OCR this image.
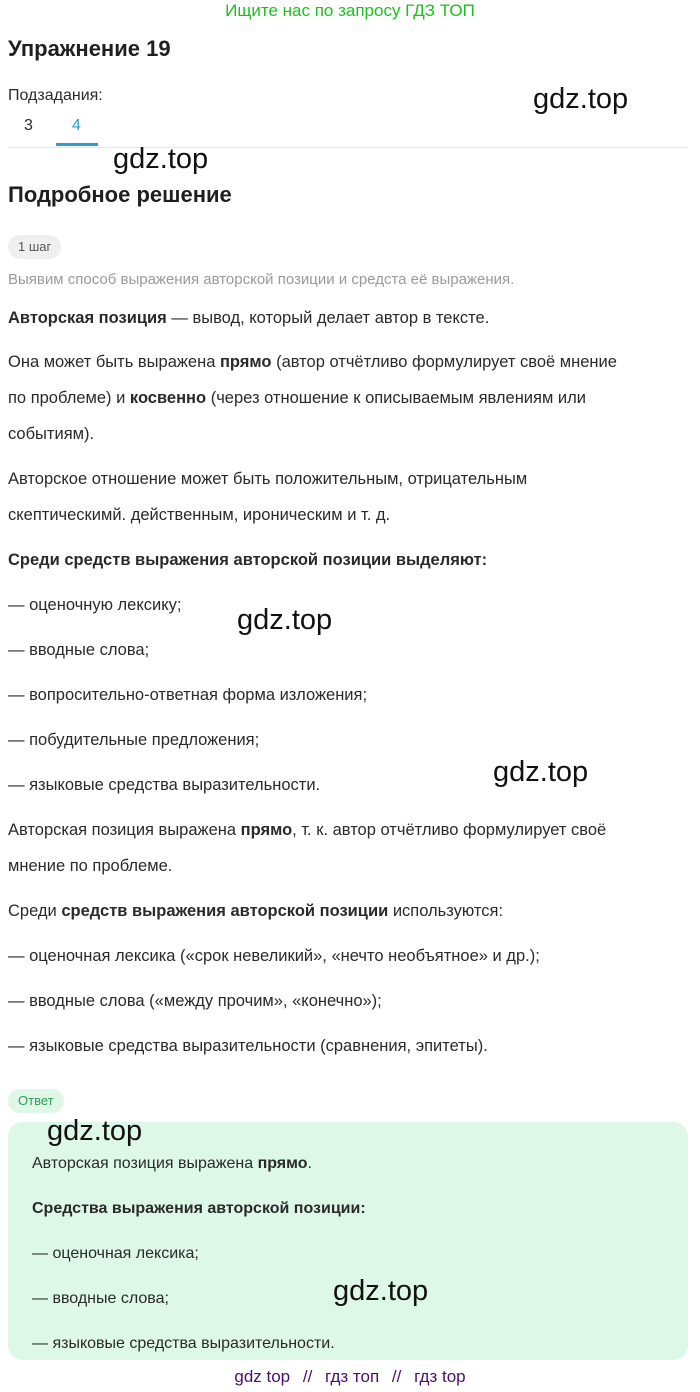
Ищите нас по запросу ГДЗ ТОП
Упражнение 19
Подзадания:
3 4
gdz.top
gdz.top
Подробное решение
1 шаг
Выявим способ выражения авторской позиции и средста её выражения.
Авторская позиция — вывод, который делает автор в тексте.
Она может быть выражена прямо (автор отчётливо формулирует своё мнение
по проблеме) и косвенно (через отношение к описываемым явлениям или
событиям).
Авторское отношение может быть положительным, отрицательным
скептическимй. действенным, ироническим и т. д.
Среди средств выражения авторской позиции выделяют:
— оценочную лексику;
— вводные слова;
— вопросительно-ответная форма изложения;
— побудительные предложения;
— языковые средства выразительности.
gdz.top
gdz.top
Авторская позиция выражена прямо, т. к. автор отчётливо формулирует своё
мнение по проблеме.
Среди средств выражения авторской позиции используются:
— оценочная лексика («срок невеликий», «нечто необъятное» и др.);
— вводные слова («между прочим», «конечно»);
— языковые средства выразительности (сравнения, эпитеты).
Ответ
gdz.top
Авторская позиция выражена прямо.
Средства выражения авторской позиции:
— оценочная лексика;
— вводные слова;
— языковые средства выразительности.
gdz.top
gdz top // гдз топ // гдз top
